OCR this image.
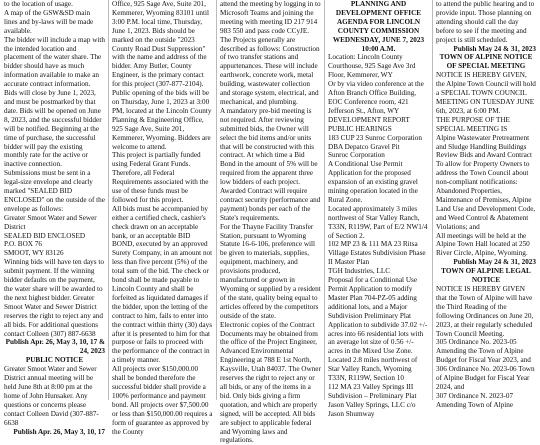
to the location of usage.
A map of the GSW&SD main lines and by-laws will be made available.
The bidder will include a map with the intended location and placement of the water share. The bidder should have as much information available to make an accurate contract information.
Bids will close by June 1, 2023, and must be postmarked by that date. Bids will be opened on June 8, 2023, and the successful bidder will be notified. Beginning at the time of purchase, the successful bidder will pay the existing monthly rate for the active or inactive connection.
Submissions must be sent in a legal-size envelope and clearly marked "SEALED BID ENCLOSED" on the outside of the envelope as follows:
Greater Smoot Water and Sewer District
SEALED BID ENCLOSED
P.O. BOX 76
SMOOT, WY 83126
Winning bids will have ten days to submit payment. If the winning bidder defaults on the payment, the water share will be awarded to the next highest bidder. Greater Smoot Water and Sewer District reserves the right to reject any and all bids. For additional questions contact Colleen (307) 887-6638

Publish Apr. 26, May 3, 10, 17 & 24, 2023

PUBLIC NOTICE

Greater Smoot Water and Sewer District annual meeting will be held June 8th at 8:00 pm at the home of John Hunsaker. Any questions or concerns please contact Colleen David (307-887-6638

Publish Apr. 26, May 3, 10, 17

Office, 925 Sage Ave, Suite 201, Kemmerer, Wyoming 83101 until 3:00 P.M. local time, Thursday, June 1, 2023. Bids should be marked on the outside "2023 County Road Dust Suppression" with the name and address of the bidder. Amy Butler, County Engineer, is the primary contact for this project (307-877-2104).
Public opening of the bids will be on Thursday, June 1, 2023 at 3:00 PM, located at the Lincoln County Planning & Engineering Office, 925 Sage Ave, Suite 201, Kemmerer, Wyoming. Bidders are welcome to attend.
This project is partially funded using Federal Grant Funds. Therefore, all Federal Requirements associated with the use of these funds must be followed for this project.
All bids must be accompanied by either a certified check, cashier's check drawn on an acceptable bank, or an acceptable BID BOND, executed by an approved Surety Company, in an amount not less than five percent (5%) of the total sum of the bid. The check or bond shall be made payable to Lincoln County and shall be forfeited as liquidated damages if the bidder, upon the letting of the contract to him, fails to enter into the contract within thirty (30) days after it is presented to him for that purpose or fails to proceed with the performance of the contract in a timely manner.
All projects over $150,000.00 shall be bonded therefore the successful bidder shall provide a 100% performance and payment bond. All projects over $7,500.00 or less than $150,000.00 requires a form of guarantee as approved by the County

attend the meeting by logging in to Microsoft Teams and joining the meeting with meeting ID 217 914 983 550 and pass code CCyJE.
The Projects generally are described as follows: Construction of two transfer stations and appurtenances. These will include earthwork, concrete work, metal building, wastewater collection and storage system, electrical, and mechanical, and plumbing.
A mandatory pre-bid meeting is not required. After reviewing submitted bids, the Owner will select the bid items and/or units that will be constructed with this contract. At which time a Bid Bond in the amount of 5% will be required from the apparent three low bidders of each project. Awarded Contract will require contract security (performance and payment) bonds per each of the State's requirements.
For the Thayne Facility Transfer Station, pursuant to Wyoming Statute 16-6-106, preference will be given to materials, supplies, equipment, machinery, and provisions produced, manufactured or grown in Wyoming or supplied by a resident of the state, quality being equal to articles offered by the competitors outside of the state.
Electronic copies of the Contract Documents may be obtained from the office of the Project Engineer, Advanced Environmental Engineering at 788 E 1st North, Kaysville, Utah 84037. The Owner reserves the right to reject any or all bids, or any of the items in a bid. Only bids giving a firm quotation, and which are properly signed, will be accepted. All bids are subject to applicable federal and Wyoming laws and regulations.

PLANNING AND DEVELOPMENT OFFICE AGENDA FOR LINCOLN COUNTY COMMISSION WEDNESDAY, JUNE 7, 2023 10:00 A.M.

Location: Lincoln County Courthouse, 925 Sage Ave 3rd Floor, Kemmerer, WY
Or by via video conference at the Afton Branch Office Building, EOC Conference room, 421 Jefferson St., Afton, WY
DEVELOPMENT REPORT
PUBLIC HEARINGS
183 CUP 23 Sunroc Corporation DBA Depatco Gravel Pit
Sunroc Corporation
A Conditional Use Permit Application for the proposed expansion of an existing gravel mining operation located in the Rural Zone.
Located approximately 3 miles northwest of Star Valley Ranch, T33N, R119W, Part of E/2 NW1/4 of Section 2.
102 MP 23 & 111 MA 23 Ritsa Village Estates Subdivision Phase II Master Plan
TGH Industries, LLC
Proposal for a Conditional Use Permit Application to modify Master Plan 704-PZ-05 adding additional lots, and a Major Subdivision Preliminary Plat Application to subdivide 37.02 +/- acres into 66 residential lots with an average lot size of 0.56 +/- acres in the Mixed Use Zone.
Located 2.8 miles northwest of Star Valley Ranch, Wyoming T33N, R119W, Section 10
112 MA 23 Valley Springs III Subdivision – Preliminary Plat
Jason Valley Springs, LLC c/o Jason Shumway

to attend the public hearing and to provide input. Those planning on attending should call the day before to see if the meeting and project is still scheduled.

Publish May 24 & 31, 2023

TOWN OF ALPINE NOTICE OF SPECIAL MEETING

NOTICE IS HEREBY GIVEN, the Alpine Town Council will hold a SPECIAL TOWN COUNCIL MEETING ON TUESDAY JUNE 6th, 2023, at 6:00 PM.
THE PURPOSE OF THE SPECIAL MEETING IS
Alpine Wastewater Pretreatment and Sludge Handling Buildings Review Bids and Award Contract
To allow for Property Owners to address the Town Council about non-compliant notifications:
Abandoned Properties, Maintenance of Premises, Alpine Land Use and Development Code, and Weed Control & Abatement Violations; and
All meetings will be held at the Alpine Town Hall located at 250 River Circle, Alpine, Wyoming.

Publish May 24 & 31, 2023

TOWN OF ALPINE LEGAL NOTICE

NOTICE IS HEREBY GIVEN that the Town of Alpine will have the Third Reading of the following Ordinances on June 20, 2023, at their regularly scheduled Town Council Meeting.
305 Ordinance No. 2023-05 Amending the Town of Alpine Budget for Fiscal Year 2023, and
306 Ordinance No. 2023-06 Town of Alpine Budget for Fiscal Year 2024, and
307 Ordinance N. 2023-07 Amending Town of Alpine
